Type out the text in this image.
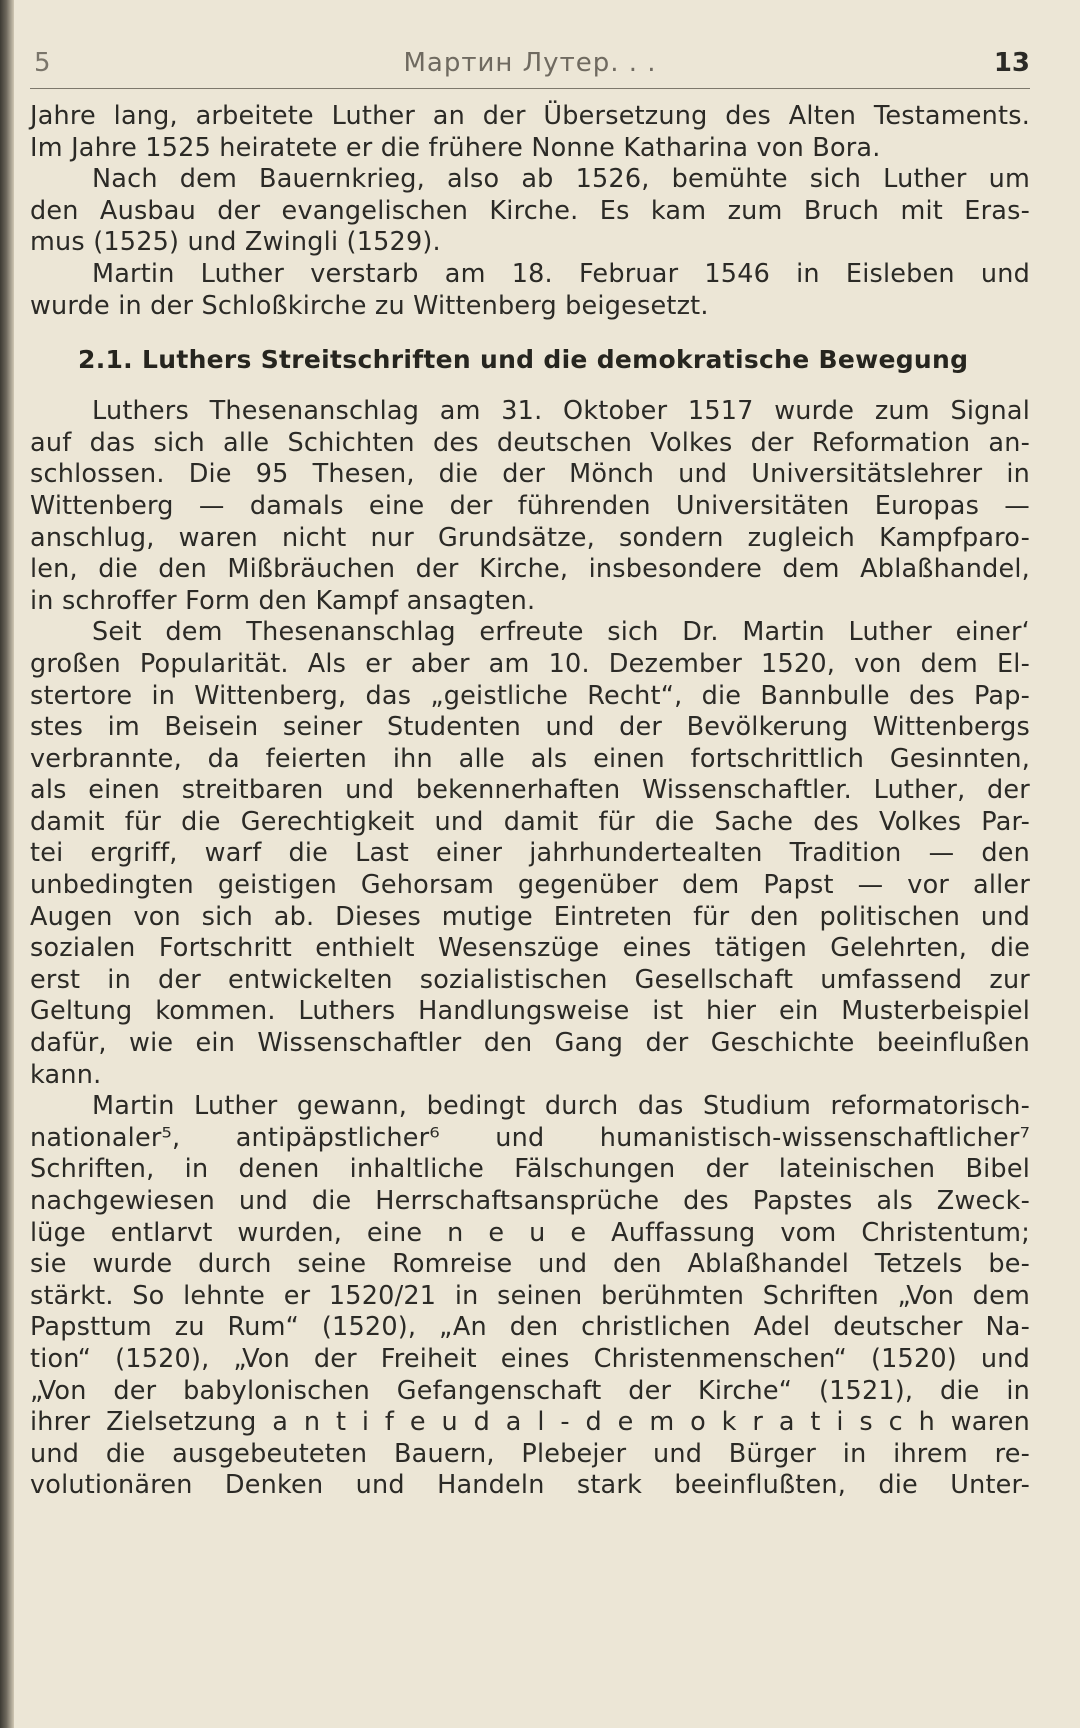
5	Мартин Лутер. . .	13
Jahre lang, arbeitete Luther an der Übersetzung des Alten Testaments.
Im Jahre 1525 heiratete er die frühere Nonne Katharina von Bora.
Nach dem Bauernkrieg, also ab 1526, bemühte sich Luther um
den Ausbau der evangelischen Kirche. Es kam zum Bruch mit Eras-
mus (1525) und Zwingli (1529).
Martin Luther verstarb am 18. Februar 1546 in Eisleben und
wurde in der Schloßkirche zu Wittenberg beigesetzt.
2.1. Luthers Streitschriften und die demokratische Bewegung
Luthers Thesenanschlag am 31. Oktober 1517 wurde zum Signal
auf das sich alle Schichten des deutschen Volkes der Reformation an-
schlossen. Die 95 Thesen, die der Mönch und Universitätslehrer in
Wittenberg — damals eine der führenden Universitäten Europas —
anschlug, waren nicht nur Grundsätze, sondern zugleich Kampfparo-
len, die den Mißbräuchen der Kirche, insbesondere dem Ablaßhandel,
in schroffer Form den Kampf ansagten.
Seit dem Thesenanschlag erfreute sich Dr. Martin Luther einer‘
großen Popularität. Als er aber am 10. Dezember 1520, von dem El-
stertore in Wittenberg, das „geistliche Recht“, die Bannbulle des Pap-
stes im Beisein seiner Studenten und der Bevölkerung Wittenbergs
verbrannte, da feierten ihn alle als einen fortschrittlich Gesinnten,
als einen streitbaren und bekennerhaften Wissenschaftler. Luther, der
damit für die Gerechtigkeit und damit für die Sache des Volkes Par-
tei ergriff, warf die Last einer jahrhundertealten Tradition — den
unbedingten geistigen Gehorsam gegenüber dem Papst — vor aller
Augen von sich ab. Dieses mutige Eintreten für den politischen und
sozialen Fortschritt enthielt Wesenszüge eines tätigen Gelehrten, die
erst in der entwickelten sozialistischen Gesellschaft umfassend zur
Geltung kommen. Luthers Handlungsweise ist hier ein Musterbeispiel
dafür, wie ein Wissenschaftler den Gang der Geschichte beeinflußen
kann.
Martin Luther gewann, bedingt durch das Studium reformatorisch-
nationaler⁵, antipäpstlicher⁶ und humanistisch-wissenschaftlicher⁷
Schriften, in denen inhaltliche Fälschungen der lateinischen Bibel
nachgewiesen und die Herrschaftsansprüche des Papstes als Zweck-
lüge entlarvt wurden, eine n e u e Auffassung vom Christentum;
sie wurde durch seine Romreise und den Ablaßhandel Tetzels be-
stärkt. So lehnte er 1520/21 in seinen berühmten Schriften „Von dem
Papsttum zu Rum“ (1520), „An den christlichen Adel deutscher Na-
tion“ (1520), „Von der Freiheit eines Christenmenschen“ (1520) und
„Von der babylonischen Gefangenschaft der Kirche“ (1521), die in
ihrer Zielsetzung a n t i f e u d a l - d e m o k r a t i s c h waren
und die ausgebeuteten Bauern, Plebejer und Bürger in ihrem re-
volutionären Denken und Handeln stark beeinflußten, die Unter-
